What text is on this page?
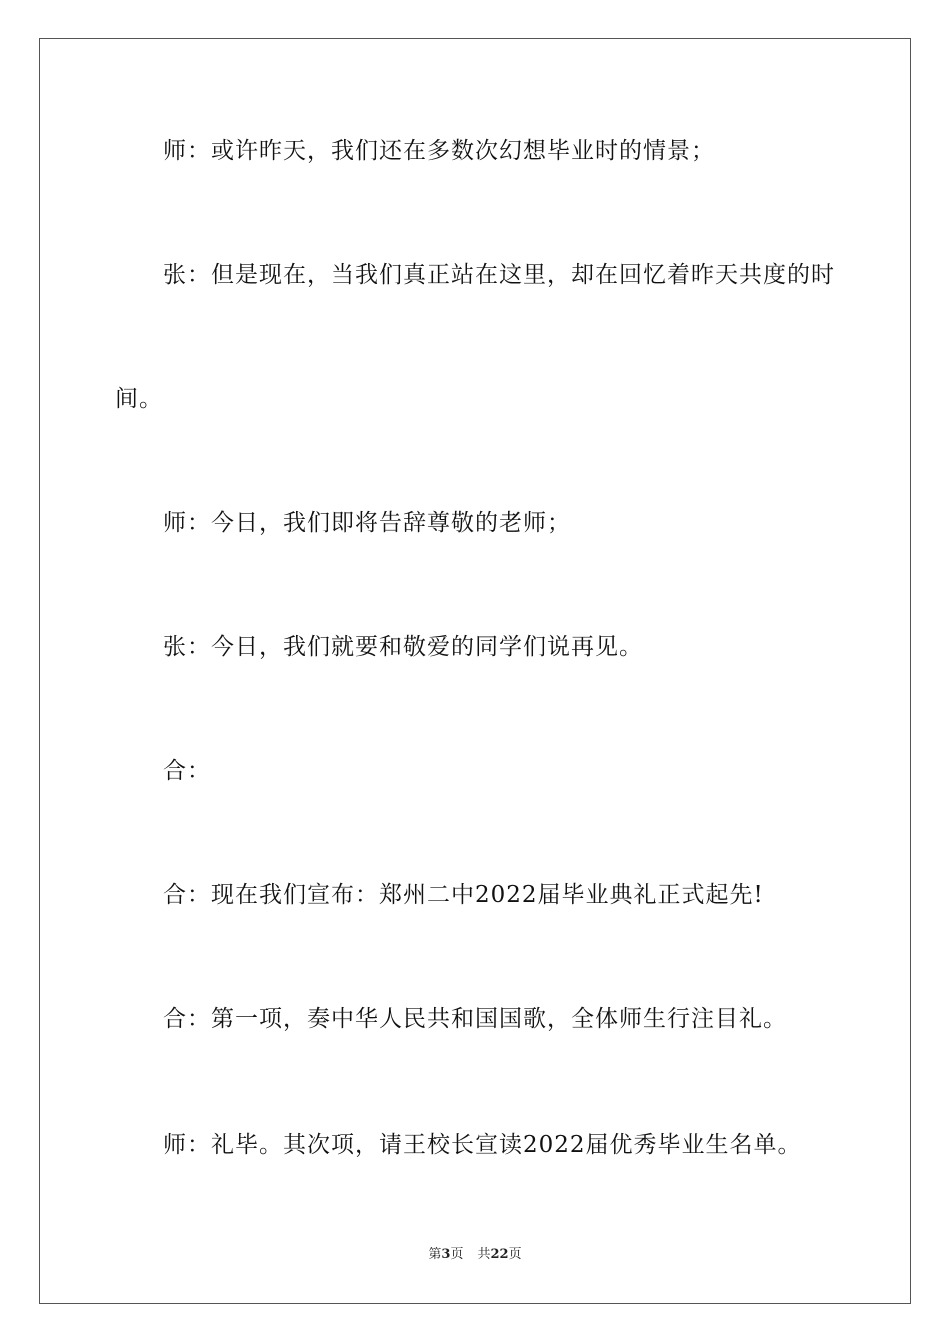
师：或许昨天，我们还在多数次幻想毕业时的情景；

张：但是现在，当我们真正站在这里，却在回忆着昨天共度的时

间。

师：今日，我们即将告辞尊敬的老师；

张：今日，我们就要和敬爱的同学们说再见。

合：

合：现在我们宣布：郑州二中2022届毕业典礼正式起先!

合：第一项，奏中华人民共和国国歌，全体师生行注目礼。

师：礼毕。其次项，请王校长宣读2022届优秀毕业生名单。

第3页 共22页
